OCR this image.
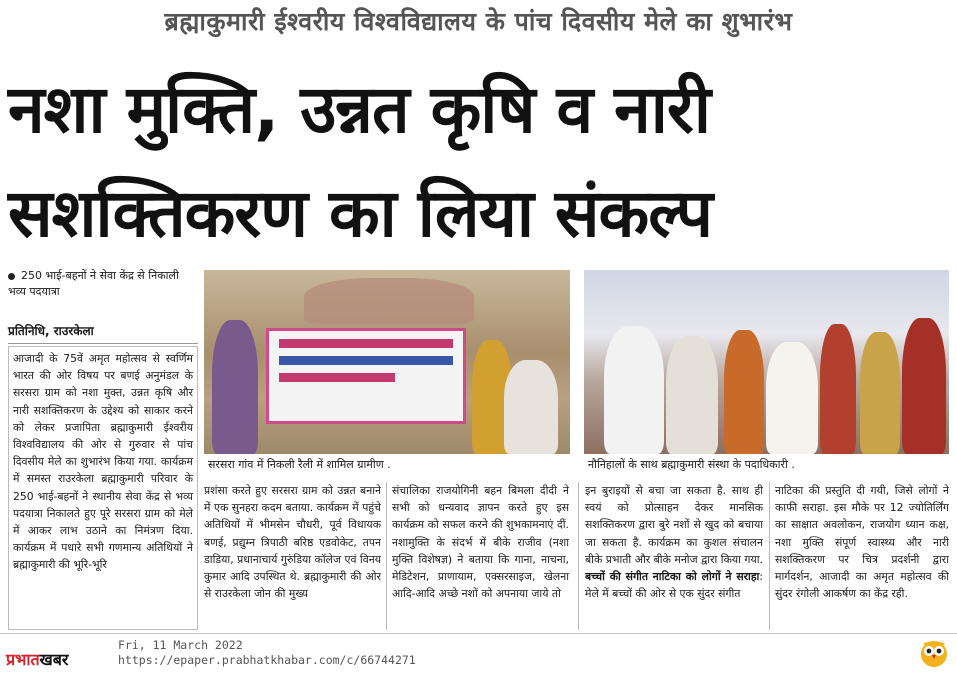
ब्रह्माकुमारी ईश्वरीय विश्वविद्यालय के पांच दिवसीय मेले का शुभारंभ
नशा मुक्ति, उन्नत कृषि व नारी
सशक्तिकरण का लिया संकल्प
250 भाई-बहनों ने सेवा केंद्र से निकाली भव्य पदयात्रा
प्रतिनिधि, राउरकेला
आजादी के 75वें अमृत महोत्सव से स्वर्णिम भारत की ओर विषय पर बणई अनुमंडल के सरसरा ग्राम को नशा मुक्त, उन्नत कृषि और नारी सशक्तिकरण के उद्देश्य को साकार करने को लेकर प्रजापिता ब्रह्माकुमारी ईश्वरीय विश्वविद्यालय की ओर से गुरुवार से पांच दिवसीय मेले का शुभारंभ किया गया. कार्यक्रम में समस्त राउरकेला ब्रह्माकुमारी परिवार के 250 भाई-बहनों ने स्थानीय सेवा केंद्र से भव्य पदयात्रा निकालते हुए पूरे सरसरा ग्राम को मेले में आकर लाभ उठाने का निमंत्रण दिया. कार्यक्रम में पधारे सभी गणमान्य अतिथियों ने ब्रह्माकुमारी की भूरि-भूरि
सरसरा गांव में निकली रैली में शामिल ग्रामीण .	नौनिहालों के साथ ब्रह्माकुमारी संस्था के पदाधिकारी .
प्रशंसा करते हुए सरसरा ग्राम को उन्नत बनाने में एक सुनहरा कदम बताया. कार्यक्रम में पहुंचे अतिथियों में भीमसेन चौधरी, पूर्व विधायक बणई, प्रद्युम्न त्रिपाठी बरिष्ठ एडवोकेट, तपन डाडिया, प्रधानाचार्य गुरुंडिया कॉलेज एवं विनय कुमार आदि उपस्थित थे. ब्रह्माकुमारी की ओर से राउरकेला जोन की मुख्य
संचालिका राजयोगिनी बहन बिमला दीदी ने सभी को धन्यवाद ज्ञापन करते हुए इस कार्यक्रम को सफल करने की शुभकामनाएं दीं. नशामुक्ति के संदर्भ में बीके राजीव (नशा मुक्ति विशेषज्ञ) ने बताया कि गाना, नाचना, मेडिटेशन, प्राणायाम, एक्सरसाइज, खेलना आदि-आदि अच्छे नशों को अपनाया जाये तो
इन बुराइयों से बचा जा सकता है. साथ ही स्वयं को प्रोत्साहन देकर मानसिक सशक्तिकरण द्वारा बुरे नशों से खुद को बचाया जा सकता है. कार्यक्रम का कुशल संचालन बीके प्रभाती और बीके मनोज द्वारा किया गया. बच्चों की संगीत नाटिका को लोगों ने सराहा: मेले में बच्चों की ओर से एक सुंदर संगीत
नाटिका की प्रस्तुति दी गयी, जिसे लोगों ने काफी सराहा. इस मौके पर 12 ज्योतिर्लिंग का साक्षात अवलोकन, राजयोग ध्यान कक्ष, नशा मुक्ति संपूर्ण स्वास्थ्य और नारी सशक्तिकरण पर चित्र प्रदर्शनी द्वारा मार्गदर्शन, आजादी का अमृत महोत्सव की सुंदर रंगोली आकर्षण का केंद्र रही.
प्रभातखबर
Fri, 11 March 2022
https://epaper.prabhatkhabar.com/c/66744271
